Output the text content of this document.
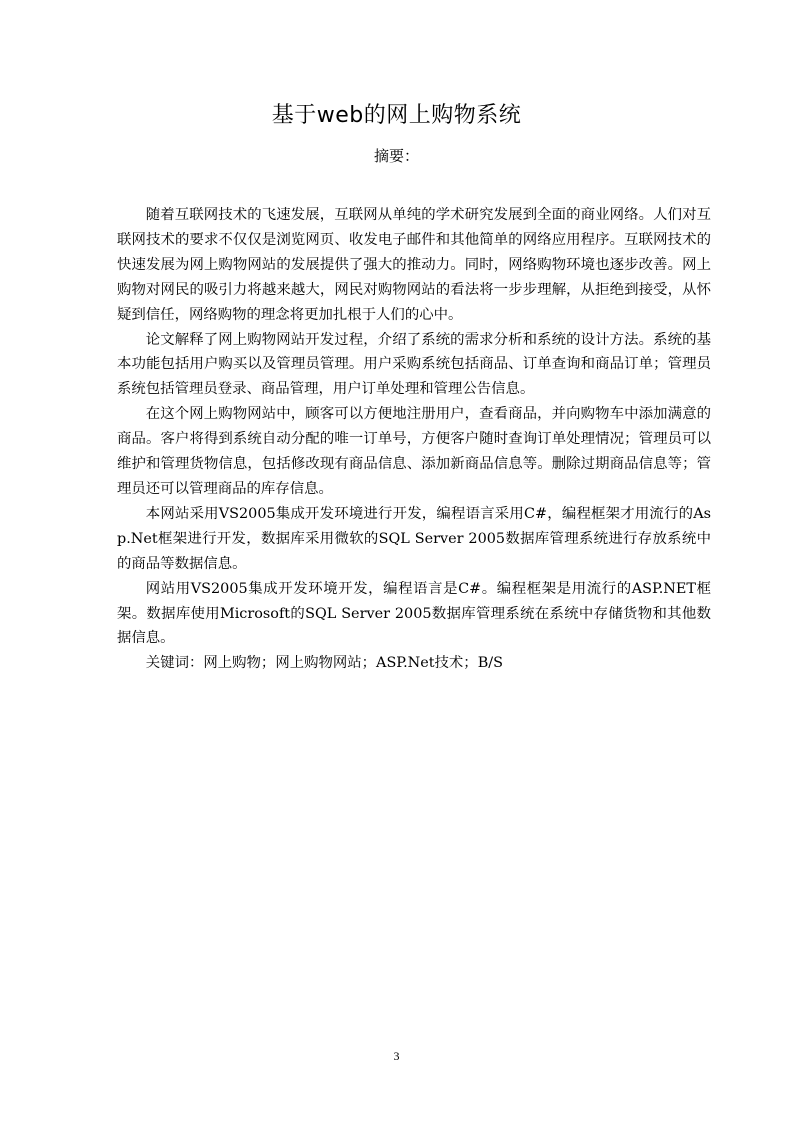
基于web的网上购物系统
摘要：

随着互联网技术的飞速发展，互联网从单纯的学术研究发展到全面的商业网络。人们对互联网技术的要求不仅仅是浏览网页、收发电子邮件和其他简单的网络应用程序。互联网技术的快速发展为网上购物网站的发展提供了强大的推动力。同时，网络购物环境也逐步改善。网上购物对网民的吸引力将越来越大，网民对购物网站的看法将一步步理解，从拒绝到接受，从怀疑到信任，网络购物的理念将更加扎根于人们的心中。

论文解释了网上购物网站开发过程，介绍了系统的需求分析和系统的设计方法。系统的基本功能包括用户购买以及管理员管理。用户采购系统包括商品、订单查询和商品订单；管理员系统包括管理员登录、商品管理，用户订单处理和管理公告信息。

在这个网上购物网站中，顾客可以方便地注册用户，查看商品，并向购物车中添加满意的商品。客户将得到系统自动分配的唯一订单号，方便客户随时查询订单处理情况；管理员可以维护和管理货物信息，包括修改现有商品信息、添加新商品信息等。删除过期商品信息等；管理员还可以管理商品的库存信息。

本网站采用VS2005集成开发环境进行开发，编程语言采用C#，编程框架才用流行的Asp.Net框架进行开发，数据库采用微软的SQL Server 2005数据库管理系统进行存放系统中的商品等数据信息。

网站用VS2005集成开发环境开发，编程语言是C#。编程框架是用流行的ASP.NET框架。数据库使用Microsoft的SQL Server 2005数据库管理系统在系统中存储货物和其他数据信息。

关键词：网上购物；网上购物网站；ASP.Net技术；B/S

3
